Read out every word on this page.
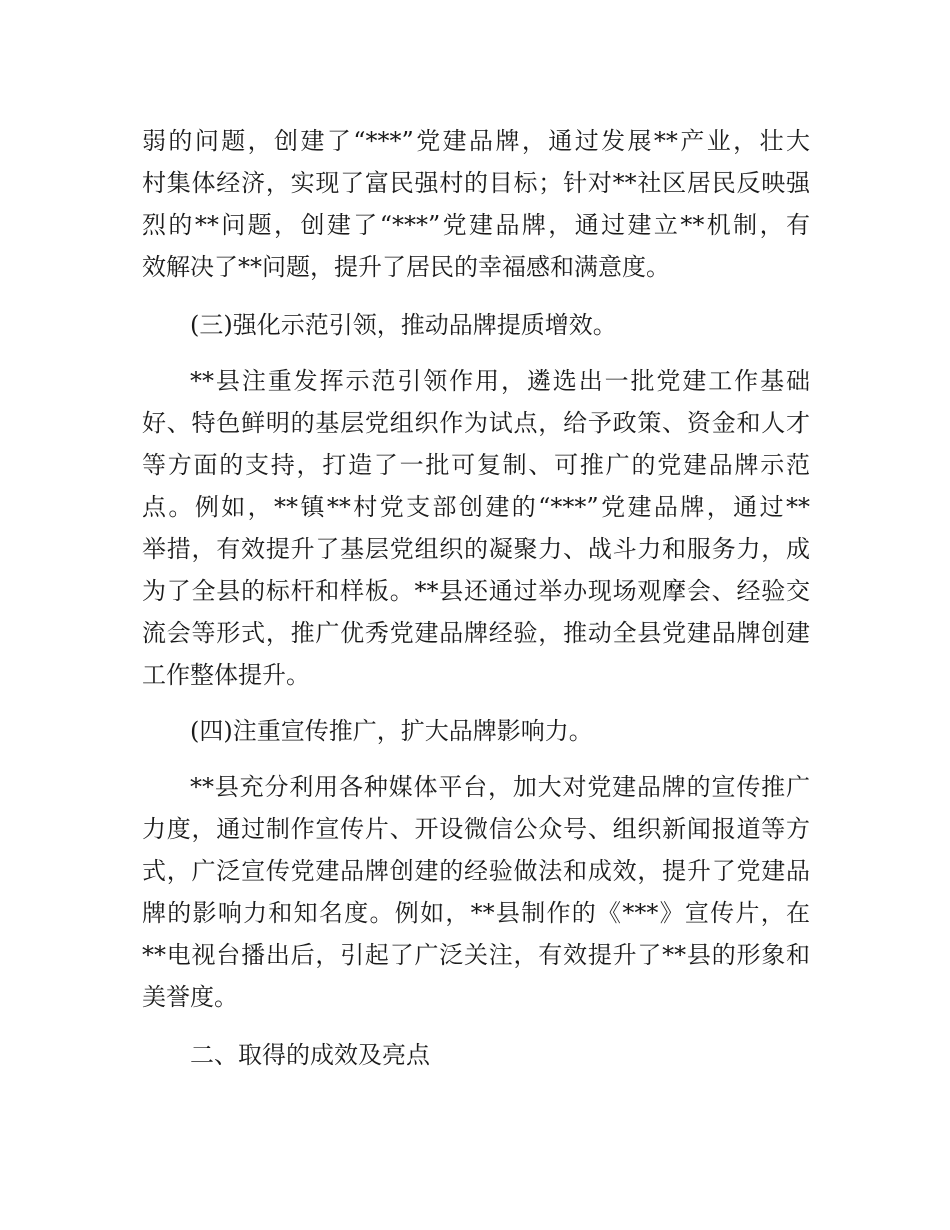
弱的问题，创建了“***”党建品牌，通过发展**产业，壮大

村集体经济，实现了富民强村的目标；针对**社区居民反映强

烈的**问题，创建了“***”党建品牌，通过建立**机制，有

效解决了**问题，提升了居民的幸福感和满意度。

(三)强化示范引领，推动品牌提质增效。

**县注重发挥示范引领作用，遴选出一批党建工作基础

好、特色鲜明的基层党组织作为试点，给予政策、资金和人才

等方面的支持，打造了一批可复制、可推广的党建品牌示范

点。例如，**镇**村党支部创建的“***”党建品牌，通过**

举措，有效提升了基层党组织的凝聚力、战斗力和服务力，成

为了全县的标杆和样板。**县还通过举办现场观摩会、经验交

流会等形式，推广优秀党建品牌经验，推动全县党建品牌创建

工作整体提升。

(四)注重宣传推广，扩大品牌影响力。

**县充分利用各种媒体平台，加大对党建品牌的宣传推广

力度，通过制作宣传片、开设微信公众号、组织新闻报道等方

式，广泛宣传党建品牌创建的经验做法和成效，提升了党建品

牌的影响力和知名度。例如，**县制作的《***》宣传片，在

**电视台播出后，引起了广泛关注，有效提升了**县的形象和

美誉度。

二、取得的成效及亮点
